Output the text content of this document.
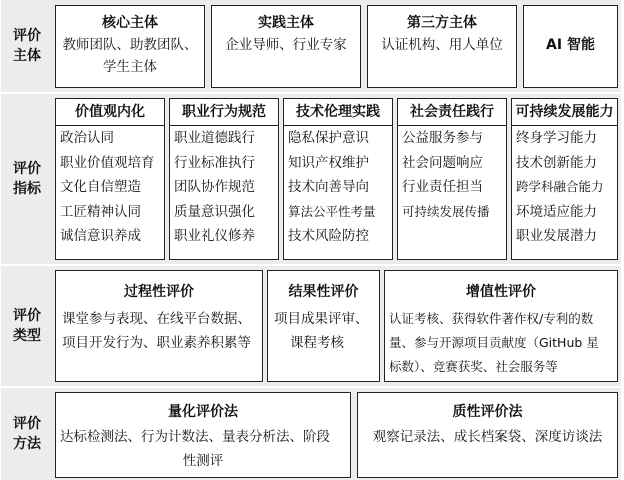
评价
主体
核心主体
教师团队、助教团队、
学生主体
实践主体
企业导师、行业专家
第三方主体
认证机构、用人单位	AI 智能
评价
指标
价值观内化
政治认同
职业价值观培育
文化自信塑造
工匠精神认同
诚信意识养成
职业行为规范
职业道德践行
行业标准执行
团队协作规范
质量意识强化
职业礼仪修养
技术伦理实践
隐私保护意识
知识产权维护
技术向善导向
算法公平性考量
技术风险防控
社会责任践行
公益服务参与
社会问题响应
行业责任担当
可持续发展传播
可持续发展能力
终身学习能力
技术创新能力
跨学科融合能力
环境适应能力
职业发展潜力
评价
类型
过程性评价
课堂参与表现、在线平台数据、
项目开发行为、职业素养积累等
结果性评价
项目成果评审、
课程考核
增值性评价
认证考核、获得软件著作权/专利的数
量、参与开源项目贡献度（GitHub 星
标数）、竞赛获奖、社会服务等
评价
方法
量化评价法
达标检测法、行为计数法、量表分析法、阶段
性测评
质性评价法
观察记录法、成长档案袋、深度访谈法
